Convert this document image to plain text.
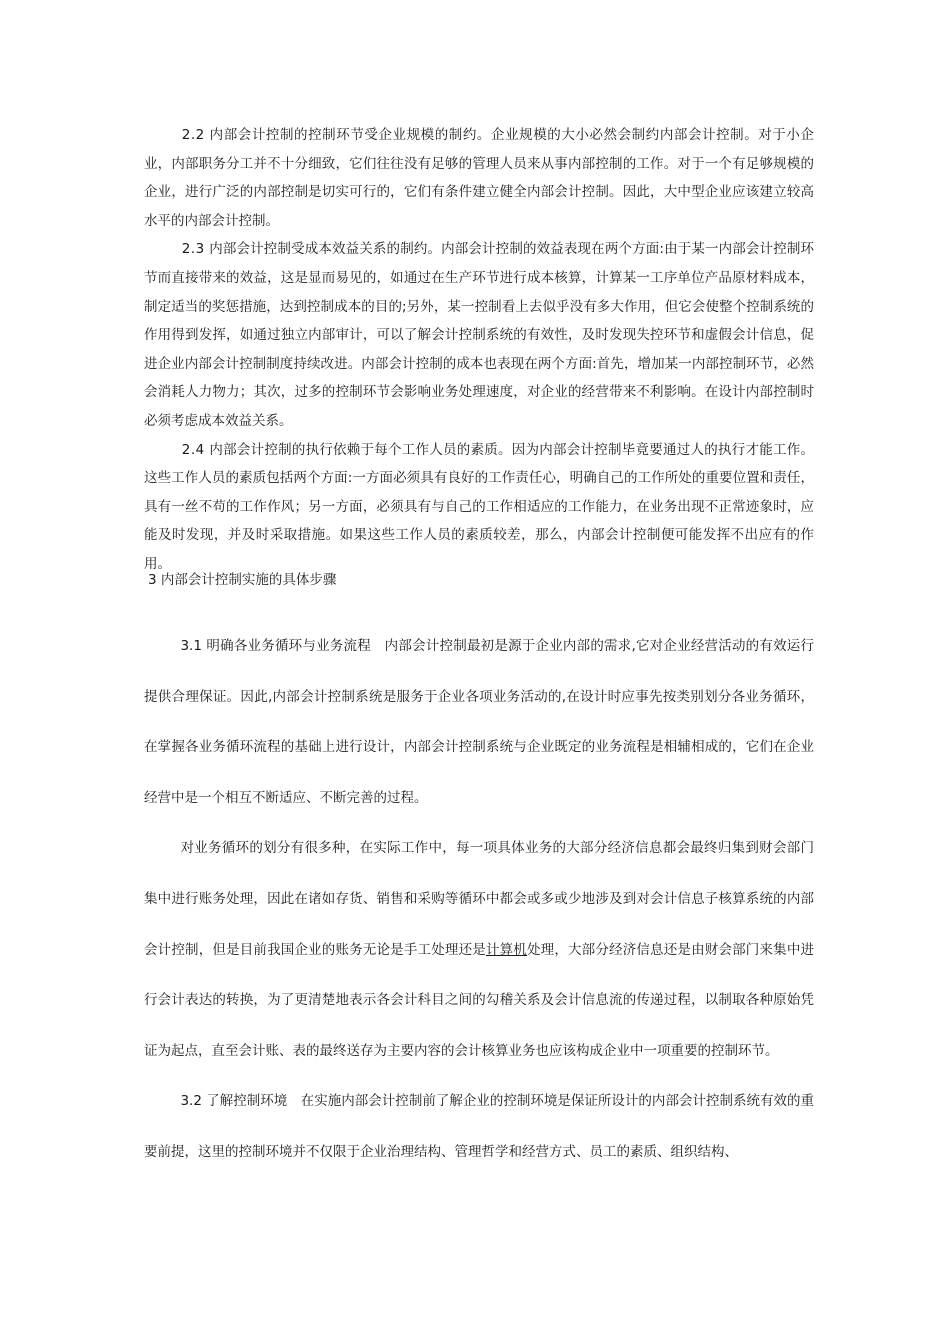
2.2 内部会计控制的控制环节受企业规模的制约。企业规模的大小必然会制约内部会计控制。对于小企业，内部职务分工并不十分细致，它们往往没有足够的管理人员来从事内部控制的工作。对于一个有足够规模的企业，进行广泛的内部控制是切实可行的，它们有条件建立健全内部会计控制。因此，大中型企业应该建立较高水平的内部会计控制。

2.3 内部会计控制受成本效益关系的制约。内部会计控制的效益表现在两个方面:由于某一内部会计控制环节而直接带来的效益，这是显而易见的，如通过在生产环节进行成本核算，计算某一工序单位产品原材料成本，制定适当的奖惩措施，达到控制成本的目的;另外，某一控制看上去似乎没有多大作用，但它会使整个控制系统的作用得到发挥，如通过独立内部审计，可以了解会计控制系统的有效性，及时发现失控环节和虚假会计信息，促进企业内部会计控制制度持续改进。内部会计控制的成本也表现在两个方面:首先，增加某一内部控制环节，必然会消耗人力物力；其次，过多的控制环节会影响业务处理速度，对企业的经营带来不利影响。在设计内部控制时必须考虑成本效益关系。

2.4 内部会计控制的执行依赖于每个工作人员的素质。因为内部会计控制毕竟要通过人的执行才能工作。这些工作人员的素质包括两个方面:一方面必须具有良好的工作责任心，明确自己的工作所处的重要位置和责任，具有一丝不苟的工作作风；另一方面，必须具有与自己的工作相适应的工作能力，在业务出现不正常迹象时，应能及时发现，并及时采取措施。如果这些工作人员的素质较差，那么，内部会计控制便可能发挥不出应有的作用。

3 内部会计控制实施的具体步骤

3.1 明确各业务循环与业务流程　 内部会计控制最初是源于企业内部的需求,它对企业经营活动的有效运行提供合理保证。因此,内部会计控制系统是服务于企业各项业务活动的,在设计时应事先按类别划分各业务循环，在掌握各业务循环流程的基础上进行设计，内部会计控制系统与企业既定的业务流程是相辅相成的，它们在企业经营中是一个相互不断适应、不断完善的过程。

对业务循环的划分有很多种，在实际工作中，每一项具体业务的大部分经济信息都会最终归集到财会部门集中进行账务处理，因此在诸如存货、销售和采购等循环中都会或多或少地涉及到对会计信息子核算系统的内部会计控制，但是目前我国企业的账务无论是手工处理还是计算机处理，大部分经济信息还是由财会部门来集中进行会计表达的转换，为了更清楚地表示各会计科目之间的勾稽关系及会计信息流的传递过程，以制取各种原始凭证为起点，直至会计账、表的最终送存为主要内容的会计核算业务也应该构成企业中一项重要的控制环节。

3.2 了解控制环境　 在实施内部会计控制前了解企业的控制环境是保证所设计的内部会计控制系统有效的重要前提，这里的控制环境并不仅限于企业治理结构、管理哲学和经营方式、员工的素质、组织结构、
